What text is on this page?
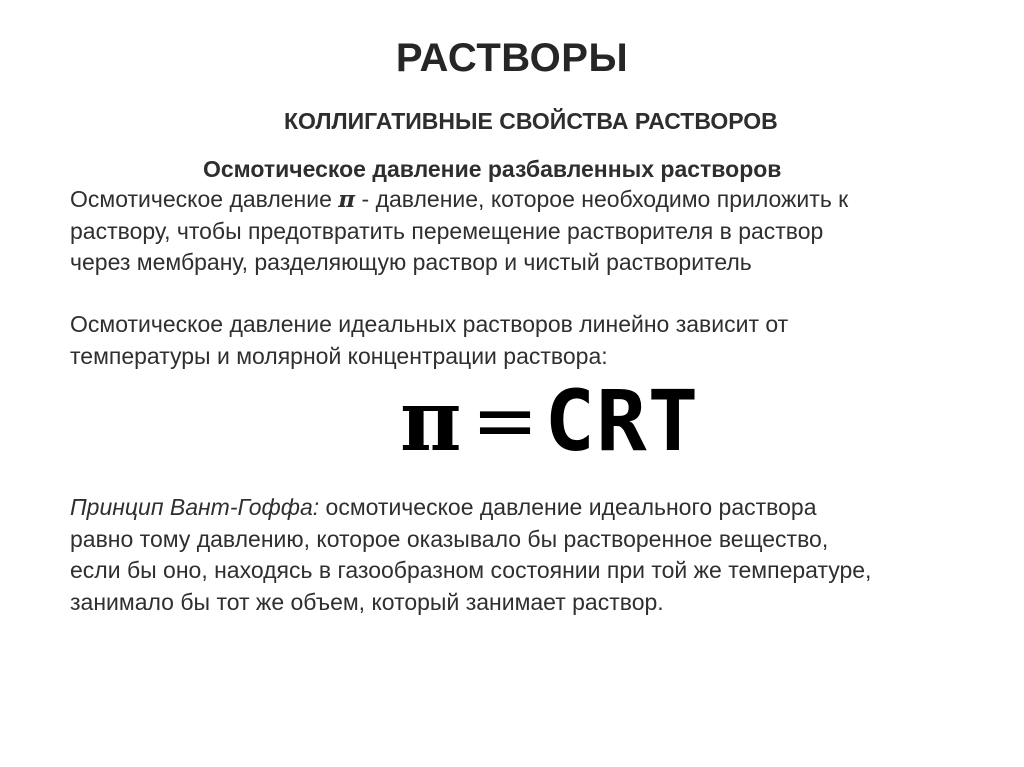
РАСТВОРЫ
КОЛЛИГАТИВНЫЕ СВОЙСТВА РАСТВОРОВ
Осмотическое давление разбавленных растворов
Осмотическое давление π - давление, которое необходимо приложить к
раствору, чтобы предотвратить перемещение растворителя в раствор
через мембрану, разделяющую раствор и чистый растворитель
Осмотическое давление идеальных растворов линейно зависит от
температуры и молярной концентрации раствора:
π =CRT
Принцип Вант-Гоффа: осмотическое давление идеального раствора
равно тому давлению, которое оказывало бы растворенное вещество,
если бы оно, находясь в газообразном состоянии при той же температуре,
занимало бы тот же объем, который занимает раствор.
